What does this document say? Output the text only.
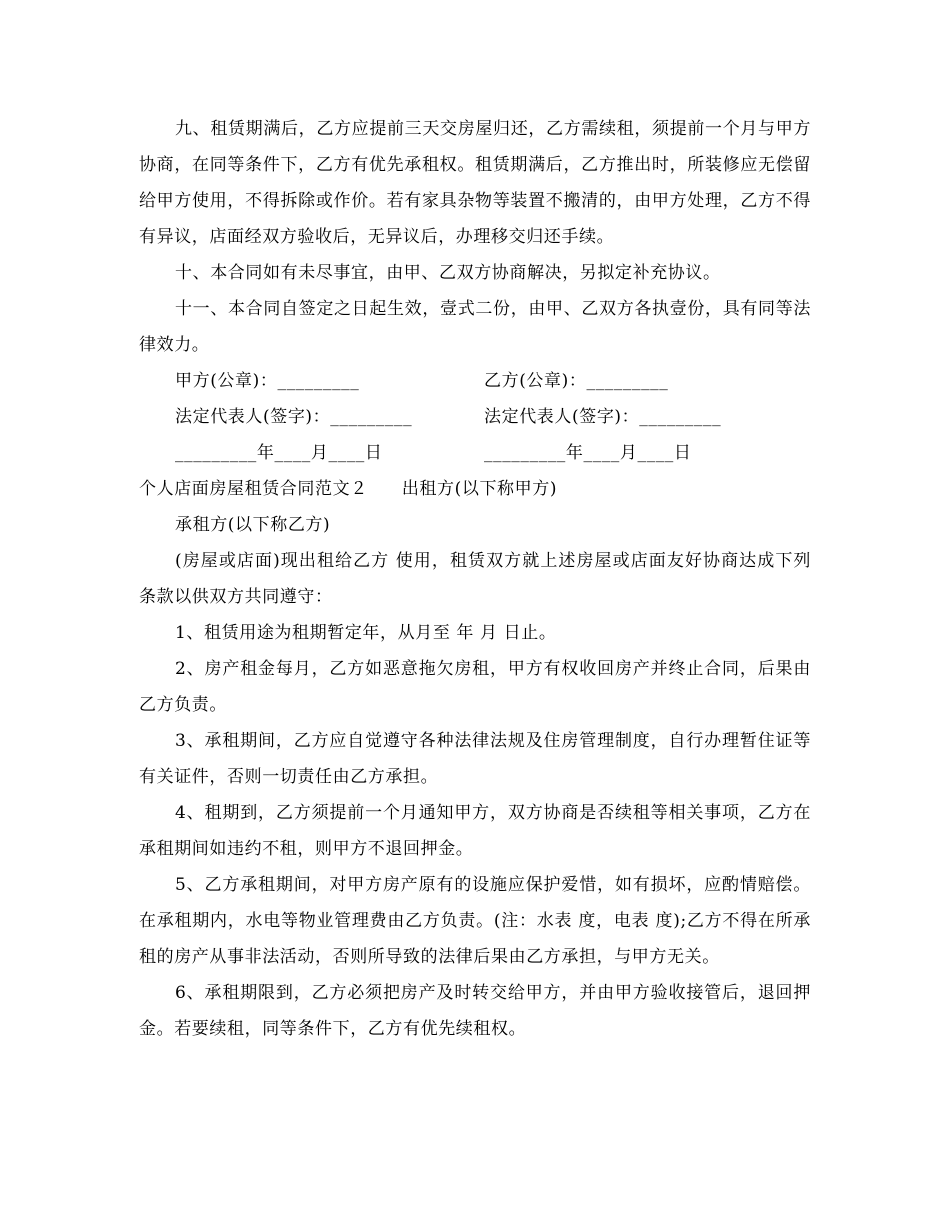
九、租赁期满后，乙方应提前三天交房屋归还，乙方需续租，须提前一个月与甲方协商，在同等条件下，乙方有优先承租权。租赁期满后，乙方推出时，所装修应无偿留给甲方使用，不得拆除或作价。若有家具杂物等装置不搬清的，由甲方处理，乙方不得有异议，店面经双方验收后，无异议后，办理移交归还手续。

十、本合同如有未尽事宜，由甲、乙双方协商解决，另拟定补充协议。

十一、本合同自签定之日起生效，壹式二份，由甲、乙双方各执壹份，具有同等法律效力。

甲方(公章)：_________	乙方(公章)：_________
法定代表人(签字)：_________	法定代表人(签字)：_________
_________年____月____日	_________年____月____日
个人店面房屋租赁合同范文２ 出租方(以下称甲方)

承租方(以下称乙方)

(房屋或店面)现出租给乙方 使用，租赁双方就上述房屋或店面友好协商达成下列条款以供双方共同遵守：

1、租赁用途为租期暂定年，从月至 年 月 日止。

2、房产租金每月，乙方如恶意拖欠房租，甲方有权收回房产并终止合同，后果由乙方负责。

3、承租期间，乙方应自觉遵守各种法律法规及住房管理制度，自行办理暂住证等有关证件，否则一切责任由乙方承担。

4、租期到，乙方须提前一个月通知甲方，双方协商是否续租等相关事项，乙方在承租期间如违约不租，则甲方不退回押金。

5、乙方承租期间，对甲方房产原有的设施应保护爱惜，如有损坏，应酌情赔偿。在承租期内，水电等物业管理费由乙方负责。(注：水表 度，电表 度);乙方不得在所承租的房产从事非法活动，否则所导致的法律后果由乙方承担，与甲方无关。

6、承租期限到，乙方必须把房产及时转交给甲方，并由甲方验收接管后，退回押金。若要续租，同等条件下，乙方有优先续租权。
